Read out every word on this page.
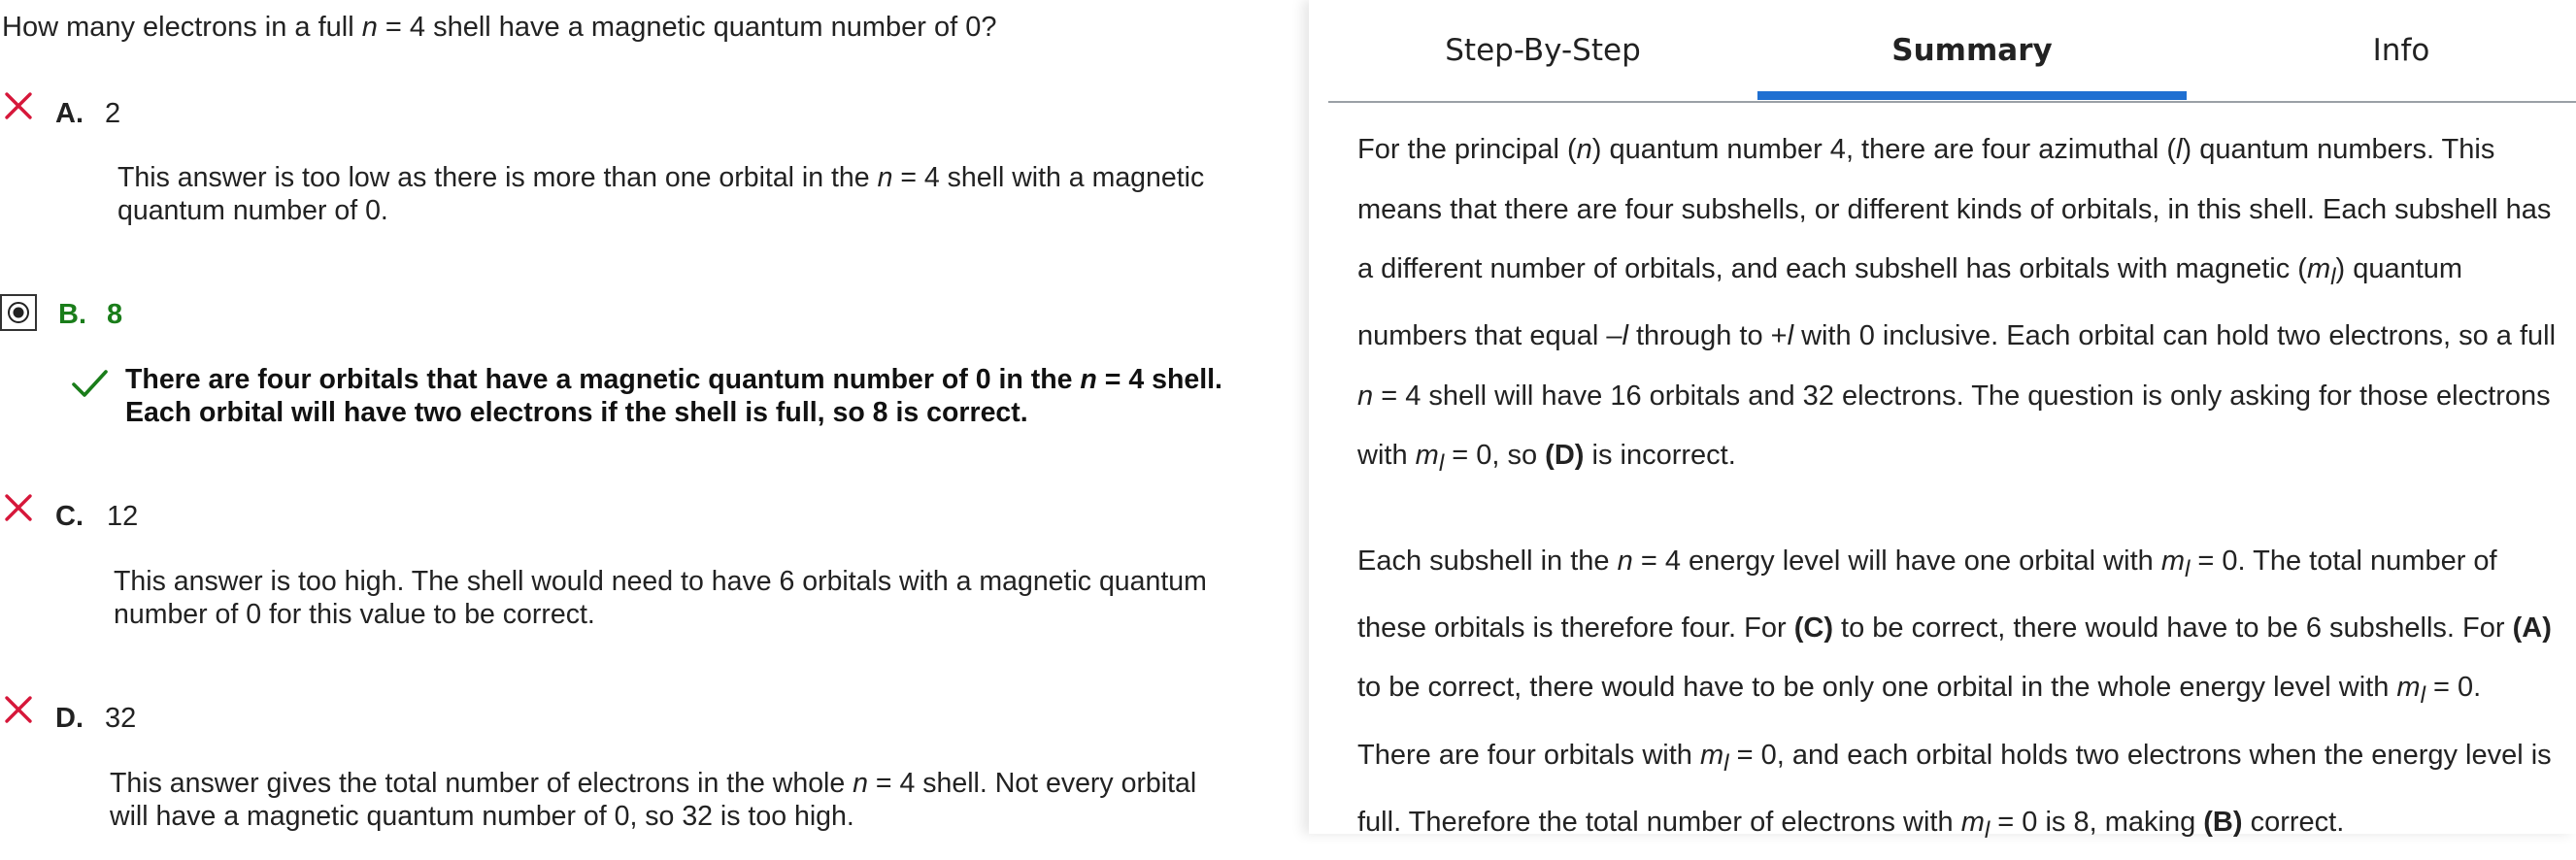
How many electrons in a full n = 4 shell have a magnetic quantum number of 0?
A. 2
This answer is too low as there is more than one orbital in the n = 4 shell with a magnetic
quantum number of 0.
B. 8
There are four orbitals that have a magnetic quantum number of 0 in the n = 4 shell.
Each orbital will have two electrons if the shell is full, so 8 is correct.
C. 12
This answer is too high. The shell would need to have 6 orbitals with a magnetic quantum
number of 0 for this value to be correct.
D. 32
This answer gives the total number of electrons in the whole n = 4 shell. Not every orbital
will have a magnetic quantum number of 0, so 32 is too high.
Step-By-Step	Summary	Info

For the principal (n) quantum number 4, there are four azimuthal (l) quantum numbers. This means that there are four subshells, or different kinds of orbitals, in this shell. Each subshell has a different number of orbitals, and each subshell has orbitals with magnetic $(m_l)$ quantum numbers that equal –l through to +l with 0 inclusive. Each orbital can hold two electrons, so a full n = 4 shell will have 16 orbitals and 32 electrons. The question is only asking for those electrons with $m_l = 0$, so (D) is incorrect.

Each subshell in the n = 4 energy level will have one orbital with $m_l = 0$. The total number of these orbitals is therefore four. For (C) to be correct, there would have to be 6 subshells. For (A) to be correct, there would have to be only one orbital in the whole energy level with $m_l = 0$. There are four orbitals with $m_l = 0$, and each orbital holds two electrons when the energy level is full. Therefore the total number of electrons with $m_l = 0$ is 8, making (B) correct.
